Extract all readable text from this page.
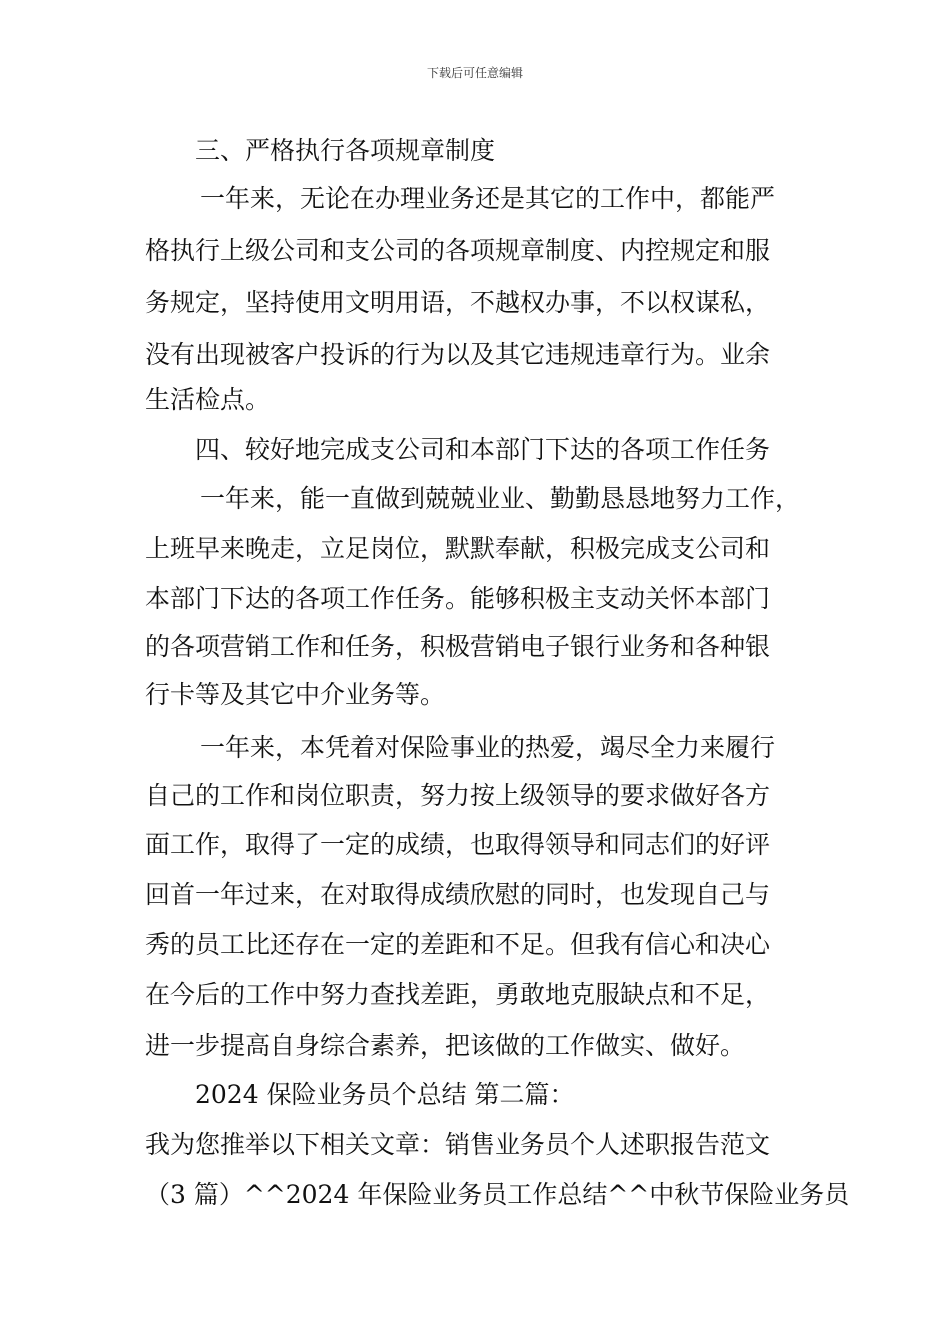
下载后可任意编辑
三、严格执行各项规章制度
一年来，无论在办理业务还是其它的工作中，都能严
格执行上级公司和支公司的各项规章制度、内控规定和服
务规定，坚持使用文明用语，不越权办事，不以权谋私，
没有出现被客户投诉的行为以及其它违规违章行为。业余
生活检点。
四、较好地完成支公司和本部门下达的各项工作任务
一年来，能一直做到兢兢业业、勤勤恳恳地努力工作，
上班早来晚走，立足岗位，默默奉献，积极完成支公司和
本部门下达的各项工作任务。能够积极主支动关怀本部门
的各项营销工作和任务，积极营销电子银行业务和各种银
行卡等及其它中介业务等。
一年来，本凭着对保险事业的热爱，竭尽全力来履行
自己的工作和岗位职责，努力按上级领导的要求做好各方
面工作，取得了一定的成绩，也取得领导和同志们的好评
回首一年过来，在对取得成绩欣慰的同时，也发现自己与
秀的员工比还存在一定的差距和不足。但我有信心和决心
在今后的工作中努力查找差距，勇敢地克服缺点和不足，
进一步提高自身综合素养，把该做的工作做实、做好。
2024 保险业务员个总结 第二篇：
我为您推举以下相关文章：销售业务员个人述职报告范文
（3 篇）^^2024 年保险业务员工作总结^^中秋节保险业务员
